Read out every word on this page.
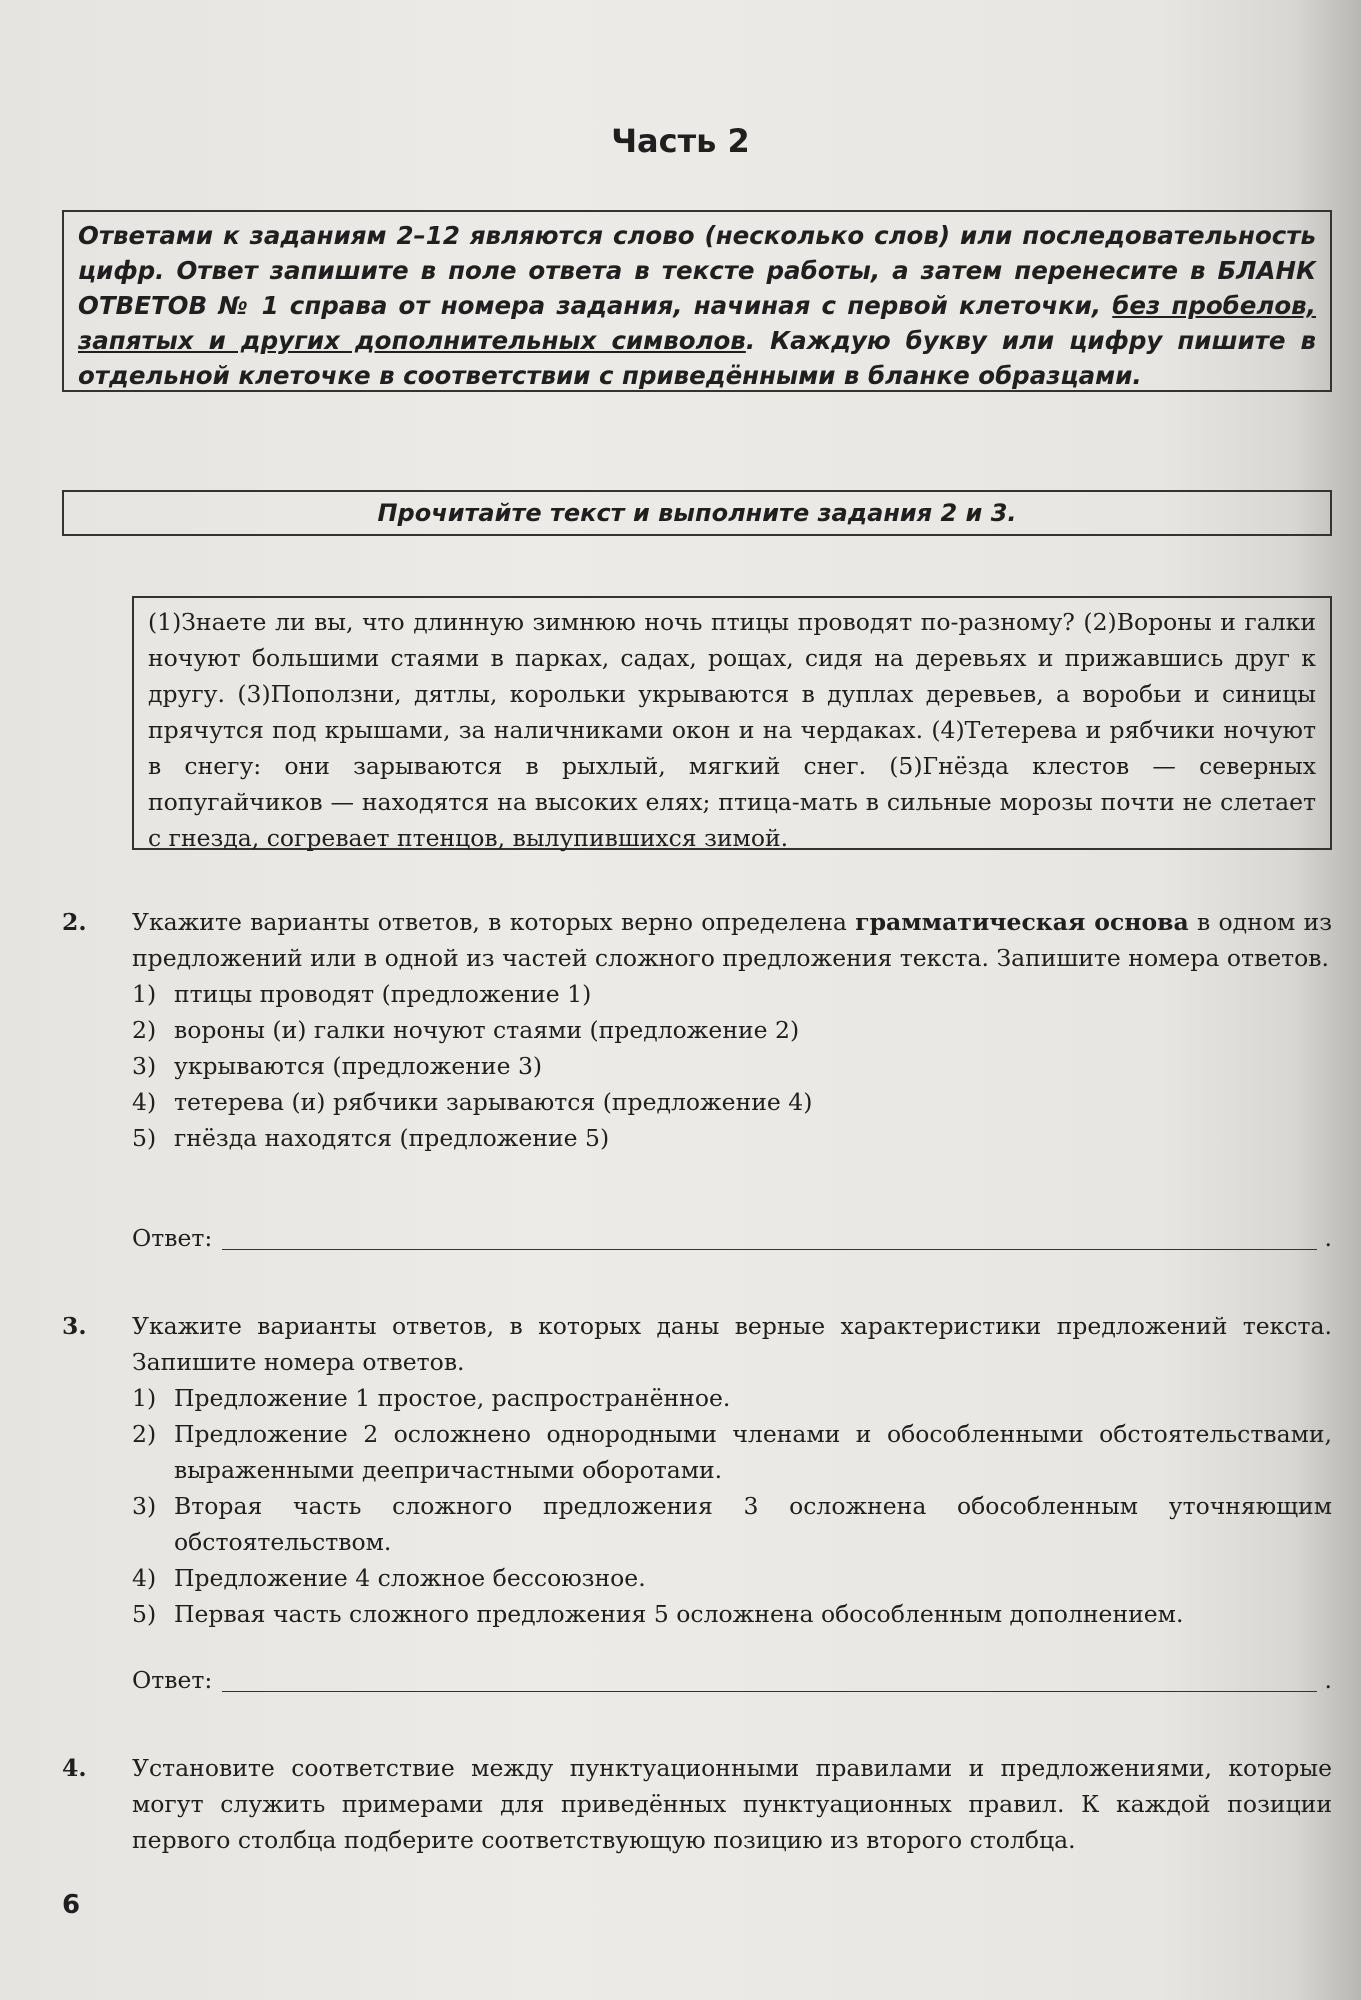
Часть 2
Ответами к заданиям 2–12 являются слово (несколько слов) или последовательность цифр. Ответ запишите в поле ответа в тексте работы, а затем перенесите в БЛАНК ОТВЕТОВ № 1 справа от номера задания, начиная с первой клеточки, без пробелов, запятых и других дополнительных символов. Каждую букву или цифру пишите в отдельной клеточке в соответствии с приведёнными в бланке образцами.
Прочитайте текст и выполните задания 2 и 3.
(1)Знаете ли вы, что длинную зимнюю ночь птицы проводят по-разному? (2)Вороны и галки ночуют большими стаями в парках, садах, рощах, сидя на деревьях и прижавшись друг к другу. (3)Поползни, дятлы, корольки укрываются в дуплах деревьев, а воробьи и синицы прячутся под крышами, за наличниками окон и на чердаках. (4)Тетерева и рябчики ночуют в снегу: они зарываются в рыхлый, мягкий снег. (5)Гнёзда клестов — северных попугайчиков — находятся на высоких елях; птица-мать в сильные морозы почти не слетает с гнезда, согревает птенцов, вылупившихся зимой.
2. Укажите варианты ответов, в которых верно определена грамматическая основа в одном из предложений или в одной из частей сложного предложения текста. Запишите номера ответов.
1) птицы проводят (предложение 1)
2) вороны (и) галки ночуют стаями (предложение 2)
3) укрываются (предложение 3)
4) тетерева (и) рябчики зарываются (предложение 4)
5) гнёзда находятся (предложение 5)
Ответ:	.
3. Укажите варианты ответов, в которых даны верные характеристики предложений текста. Запишите номера ответов.
1) Предложение 1 простое, распространённое.
2) Предложение 2 осложнено однородными членами и обособленными обстоятельствами, выраженными деепричастными оборотами.
3) Вторая часть сложного предложения 3 осложнена обособленным уточняющим обстоятельством.
4) Предложение 4 сложное бессоюзное.
5) Первая часть сложного предложения 5 осложнена обособленным дополнением.
Ответ:	.
4. Установите соответствие между пунктуационными правилами и предложениями, которые могут служить примерами для приведённых пунктуационных правил. К каждой позиции первого столбца подберите соответствующую позицию из второго столбца.
6
